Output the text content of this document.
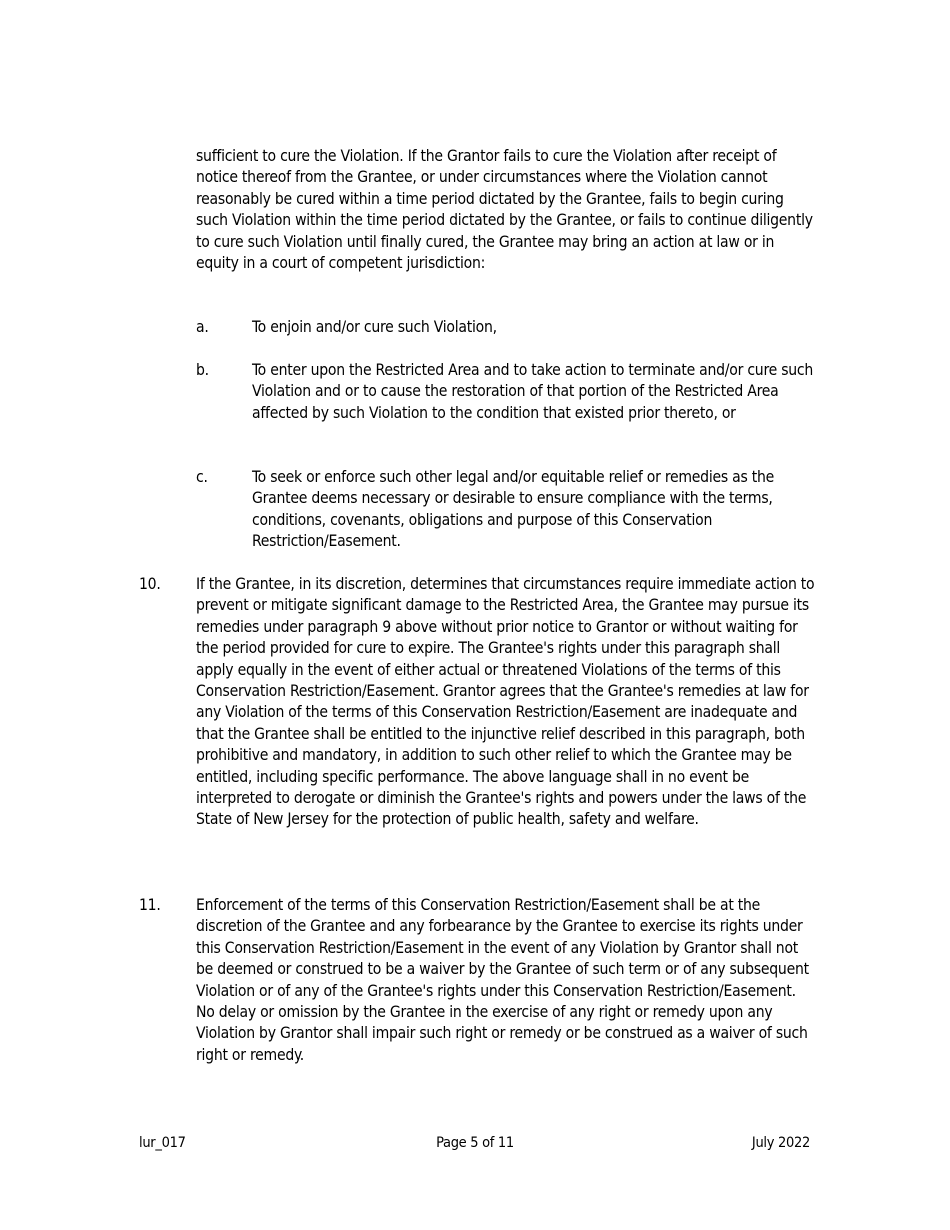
sufficient to cure the Violation. If the Grantor fails to cure the Violation after receipt of notice thereof from the Grantee, or under circumstances where the Violation cannot reasonably be cured within a time period dictated by the Grantee, fails to begin curing such Violation within the time period dictated by the Grantee, or fails to continue diligently to cure such Violation until finally cured, the Grantee may bring an action at law or in equity in a court of competent jurisdiction:

a.	To enjoin and/or cure such Violation,
b.	To enter upon the Restricted Area and to take action to terminate and/or cure such Violation and or to cause the restoration of that portion of the Restricted Area affected by such Violation to the condition that existed prior thereto, or
c.	To seek or enforce such other legal and/or equitable relief or remedies as the Grantee deems necessary or desirable to ensure compliance with the terms, conditions, covenants, obligations and purpose of this Conservation Restriction/Easement.
10. If the Grantee, in its discretion, determines that circumstances require immediate action to prevent or mitigate significant damage to the Restricted Area, the Grantee may pursue its remedies under paragraph 9 above without prior notice to Grantor or without waiting for the period provided for cure to expire. The Grantee's rights under this paragraph shall apply equally in the event of either actual or threatened Violations of the terms of this Conservation Restriction/Easement. Grantor agrees that the Grantee's remedies at law for any Violation of the terms of this Conservation Restriction/Easement are inadequate and that the Grantee shall be entitled to the injunctive relief described in this paragraph, both prohibitive and mandatory, in addition to such other relief to which the Grantee may be entitled, including specific performance. The above language shall in no event be interpreted to derogate or diminish the Grantee's rights and powers under the laws of the State of New Jersey for the protection of public health, safety and welfare.
11. Enforcement of the terms of this Conservation Restriction/Easement shall be at the discretion of the Grantee and any forbearance by the Grantee to exercise its rights under this Conservation Restriction/Easement in the event of any Violation by Grantor shall not be deemed or construed to be a waiver by the Grantee of such term or of any subsequent Violation or of any of the Grantee's rights under this Conservation Restriction/Easement. No delay or omission by the Grantee in the exercise of any right or remedy upon any Violation by Grantor shall impair such right or remedy or be construed as a waiver of such right or remedy.
lur_017	Page 5 of 11	July 2022
